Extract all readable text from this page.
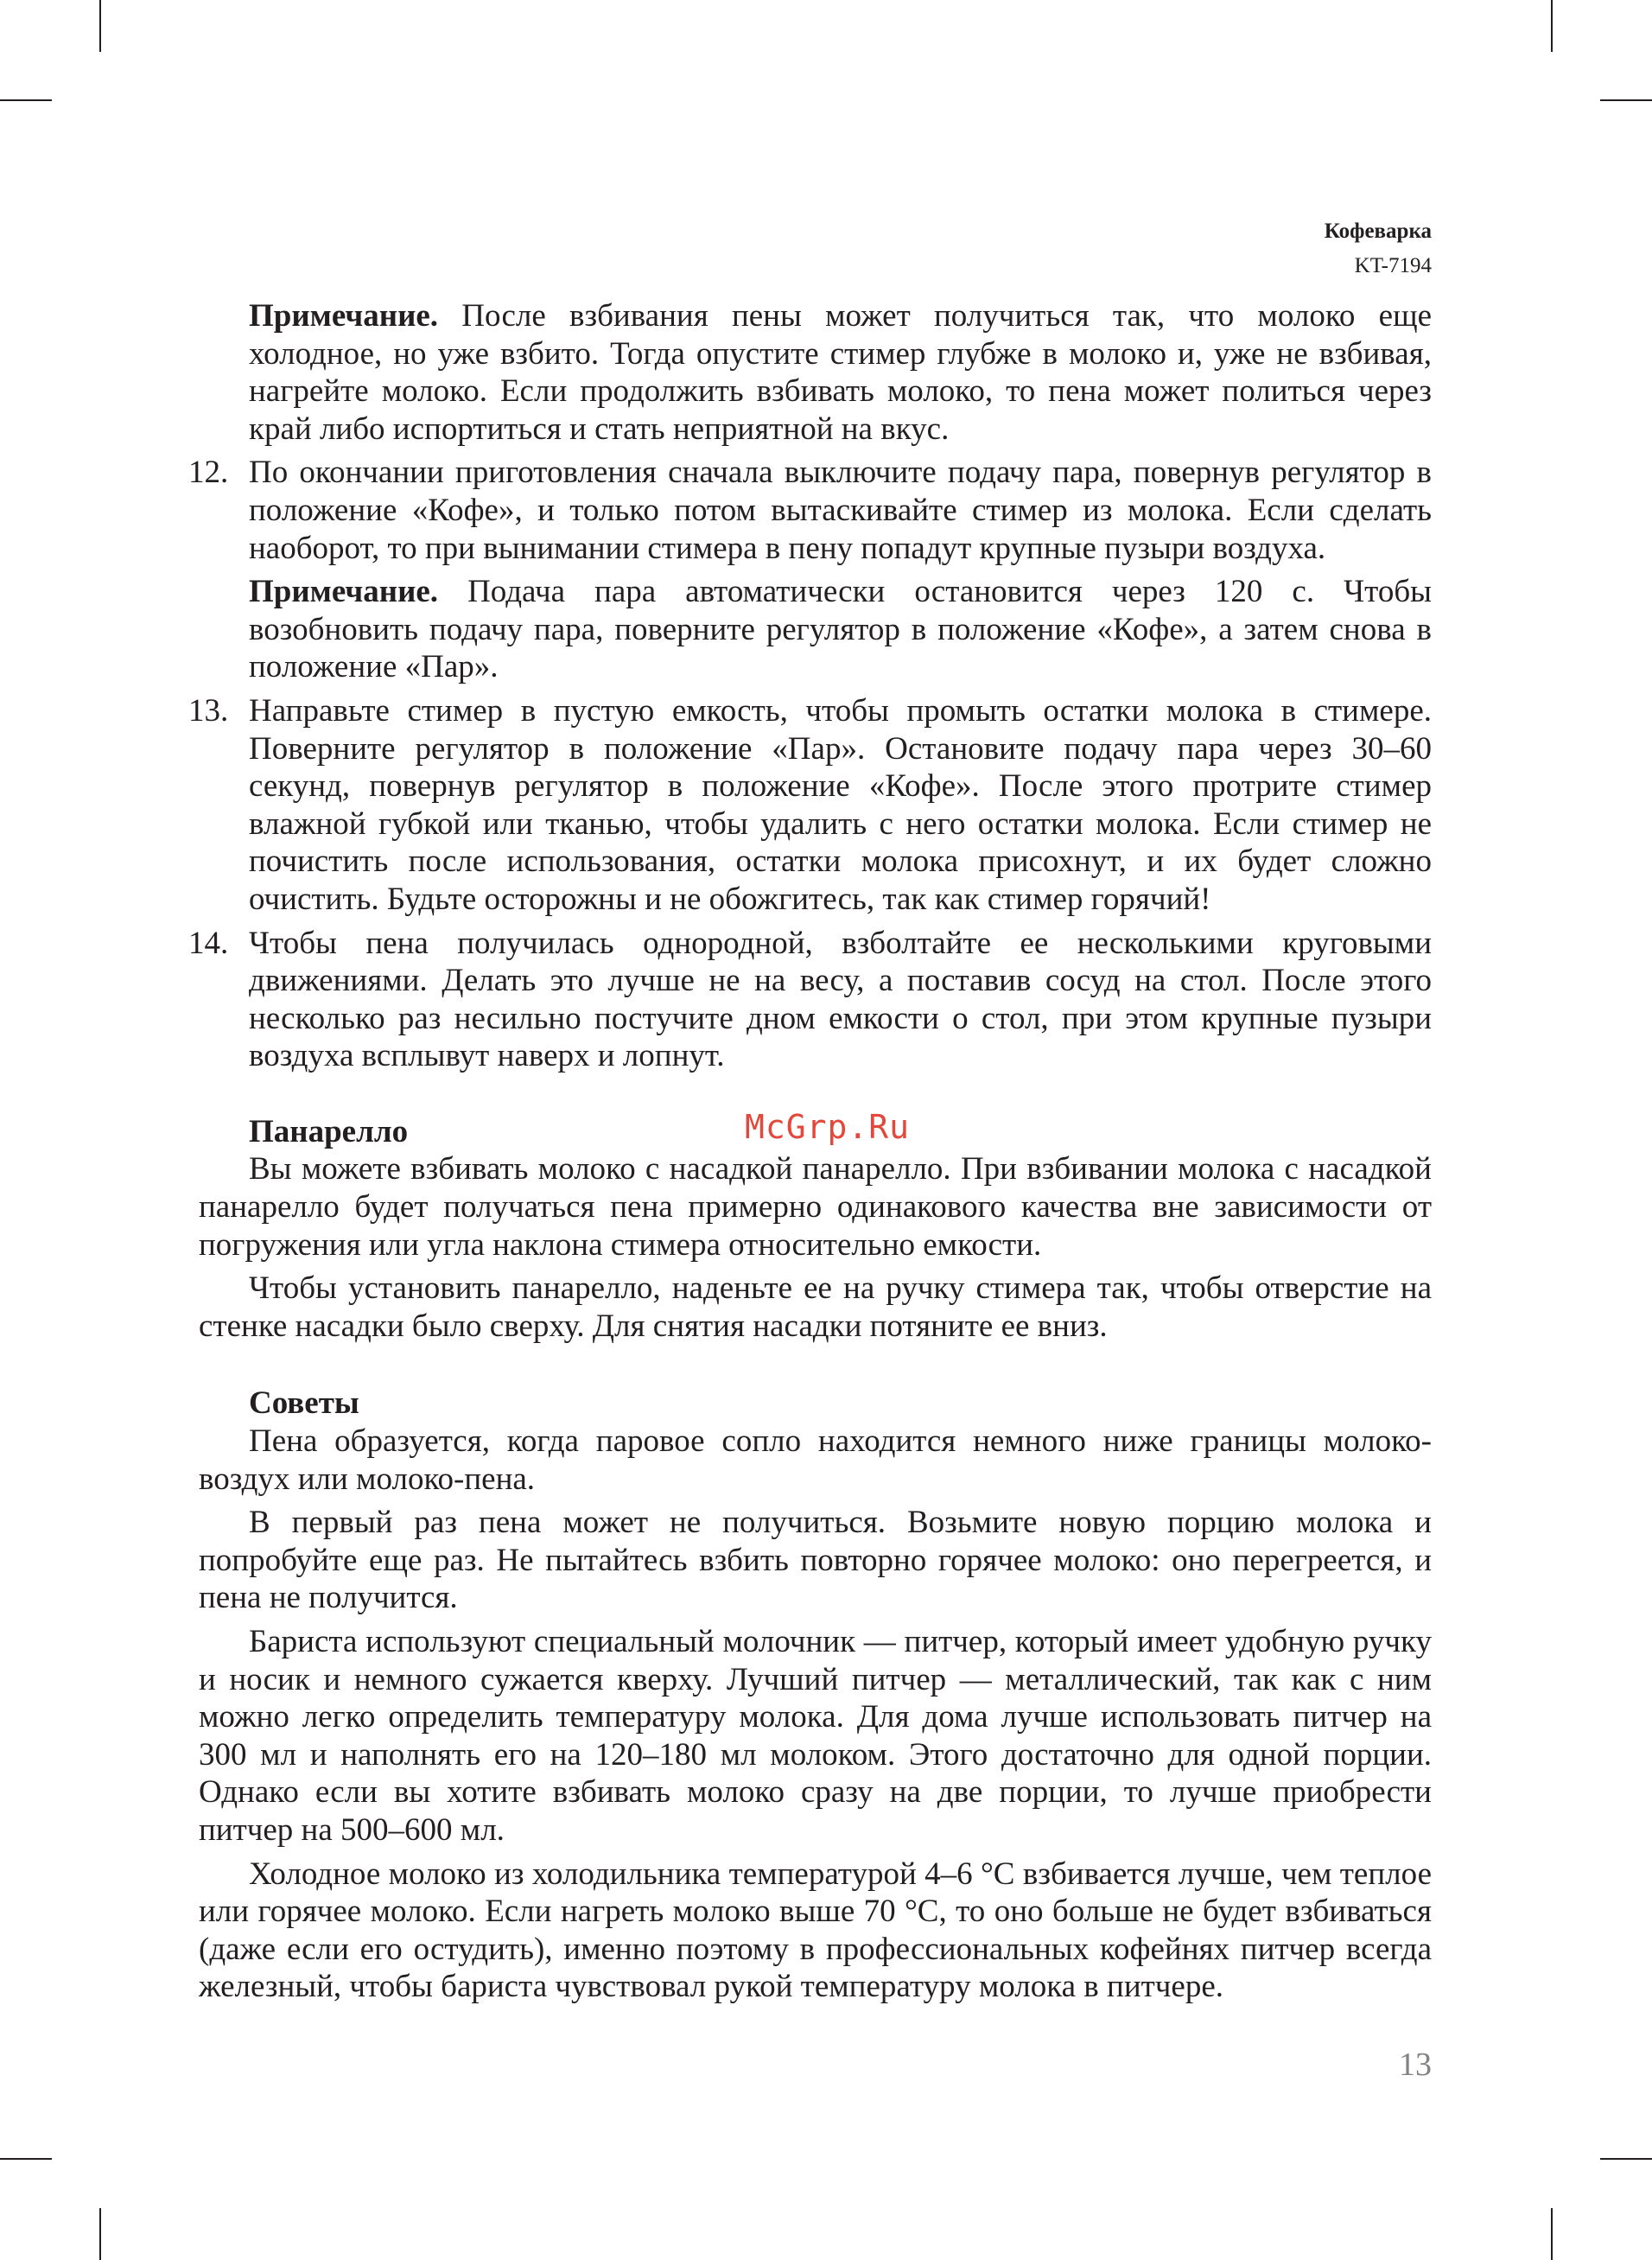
Кофеварка
KT-7194

Примечание. После взбивания пены может получиться так, что молоко еще холодное, но уже взбито. Тогда опустите стимер глубже в молоко и, уже не взбивая, нагрейте молоко. Если продолжить взбивать молоко, то пена может политься через край либо испортиться и стать неприятной на вкус.

12. По окончании приготовления сначала выключите подачу пара, повернув регулятор в положение «Кофе», и только потом вытаскивайте стимер из молока. Если сделать наоборот, то при вынимании стимера в пену попадут крупные пузыри воздуха.

Примечание. Подача пара автоматически остановится через 120 с. Чтобы возобновить подачу пара, поверните регулятор в положение «Кофе», а затем снова в положение «Пар».

13. Направьте стимер в пустую емкость, чтобы промыть остатки молока в стимере. Поверните регулятор в положение «Пар». Остановите подачу пара через 30–60 секунд, повернув регулятор в положение «Кофе». После этого протрите стимер влажной губкой или тканью, чтобы удалить с него остатки молока. Если стимер не почистить после использования, остатки молока присохнут, и их будет сложно очистить. Будьте осторожны и не обожгитесь, так как стимер горячий!
14. Чтобы пена получилась однородной, взболтайте ее несколькими круговыми движениями. Делать это лучше не на весу, а поставив сосуд на стол. После этого несколько раз несильно постучите дном емкости о стол, при этом крупные пузыри воздуха всплывут наверх и лопнут.
Панарелло

Вы можете взбивать молоко с насадкой панарелло. При взбивании молока с насадкой панарелло будет получаться пена примерно одинакового качества вне зависимости от погружения или угла наклона стимера относительно емкости.

Чтобы установить панарелло, наденьте ее на ручку стимера так, чтобы отверстие на стенке насадки было сверху. Для снятия насадки потяните ее вниз.

Советы

Пена образуется, когда паровое сопло находится немного ниже границы молоко-воздух или молоко-пена.

В первый раз пена может не получиться. Возьмите новую порцию молока и попробуйте еще раз. Не пытайтесь взбить повторно горячее молоко: оно перегреется, и пена не получится.

Бариста используют специальный молочник — питчер, который имеет удобную ручку и носик и немного сужается кверху. Лучший питчер — металлический, так как с ним можно легко определить температуру молока. Для дома лучше использовать питчер на 300 мл и наполнять его на 120–180 мл молоком. Этого достаточно для одной порции. Однако если вы хотите взбивать молоко сразу на две порции, то лучше приобрести питчер на 500–600 мл.

Холодное молоко из холодильника температурой 4–6 °C взбивается лучше, чем теплое или горячее молоко. Если нагреть молоко выше 70 °C, то оно больше не будет взбиваться (даже если его остудить), именно поэтому в профессиональных кофейнях питчер всегда железный, чтобы бариста чувствовал рукой температуру молока в питчере.

McGrp.Ru
13
